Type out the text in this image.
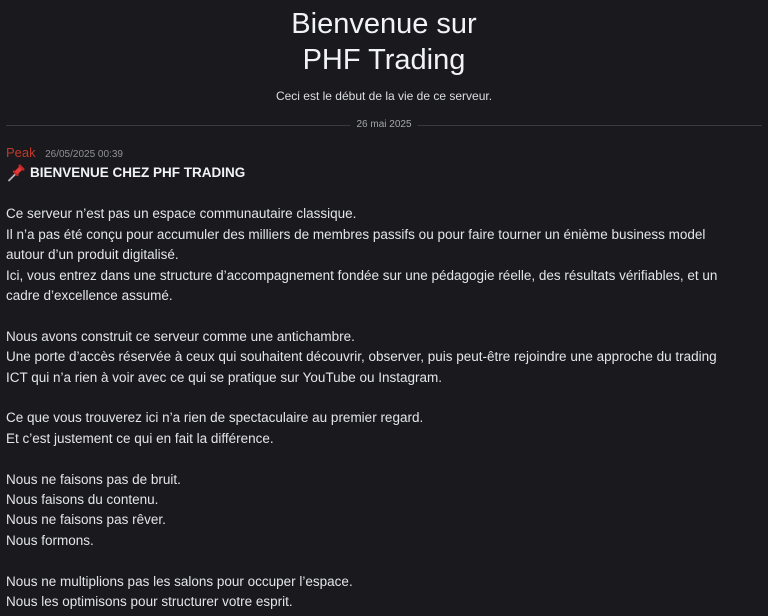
Bienvenue sur
PHF Trading
Ceci est le début de la vie de ce serveur.
26 mai 2025
Peak 26/05/2025 00:39
BIENVENUE CHEZ PHF TRADING
Ce serveur n’est pas un espace communautaire classique.
Il n’a pas été conçu pour accumuler des milliers de membres passifs ou pour faire tourner un énième business model
autour d’un produit digitalisé.
Ici, vous entrez dans une structure d’accompagnement fondée sur une pédagogie réelle, des résultats vérifiables, et un
cadre d’excellence assumé.
Nous avons construit ce serveur comme une antichambre.
Une porte d’accès réservée à ceux qui souhaitent découvrir, observer, puis peut-être rejoindre une approche du trading
ICT qui n’a rien à voir avec ce qui se pratique sur YouTube ou Instagram.
Ce que vous trouverez ici n’a rien de spectaculaire au premier regard.
Et c’est justement ce qui en fait la différence.
Nous ne faisons pas de bruit.
Nous faisons du contenu.
Nous ne faisons pas rêver.
Nous formons.
Nous ne multiplions pas les salons pour occuper l’espace.
Nous les optimisons pour structurer votre esprit.
